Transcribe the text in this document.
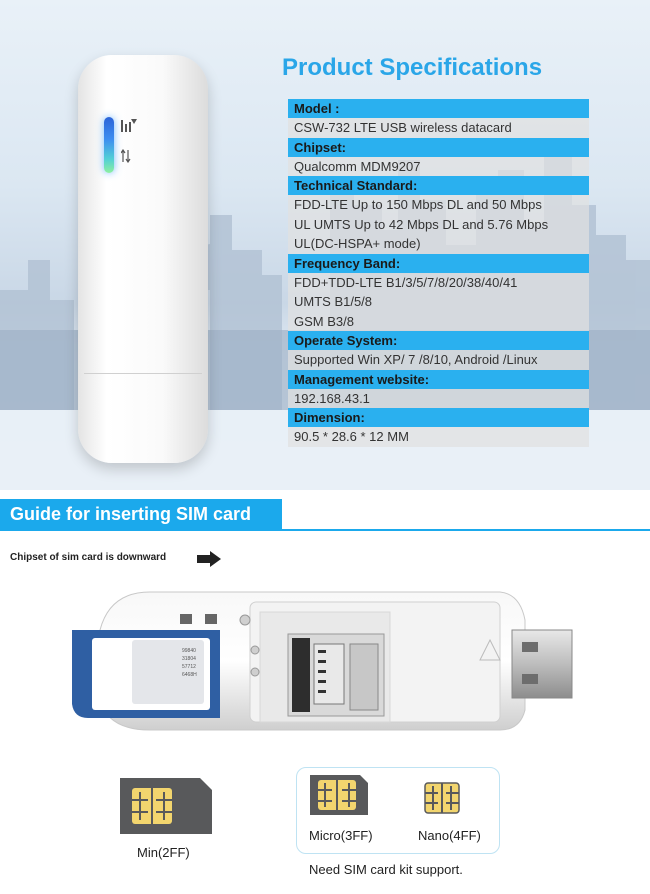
Product Specifications
Model :
CSW-732 LTE USB wireless datacard
Chipset:
Qualcomm MDM9207
Technical Standard:
FDD-LTE Up to 150 Mbps DL and 50 Mbps
UL UMTS Up to 42 Mbps DL and 5.76 Mbps
UL(DC-HSPA+ mode)
Frequency Band:
FDD+TDD-LTE B1/3/5/7/8/20/38/40/41
UMTS B1/5/8
GSM B3/8
Operate System:
Supported Win XP/ 7 /8/10, Android /Linux
Management website:
192.168.43.1
Dimension:
90.5 * 28.6 * 12 MM
Guide for inserting SIM card
Chipset of sim card is downward
99840
31804
57712
6468H
Min(2FF)
Micro(3FF)	Nano(4FF)
Need SIM card kit support.
